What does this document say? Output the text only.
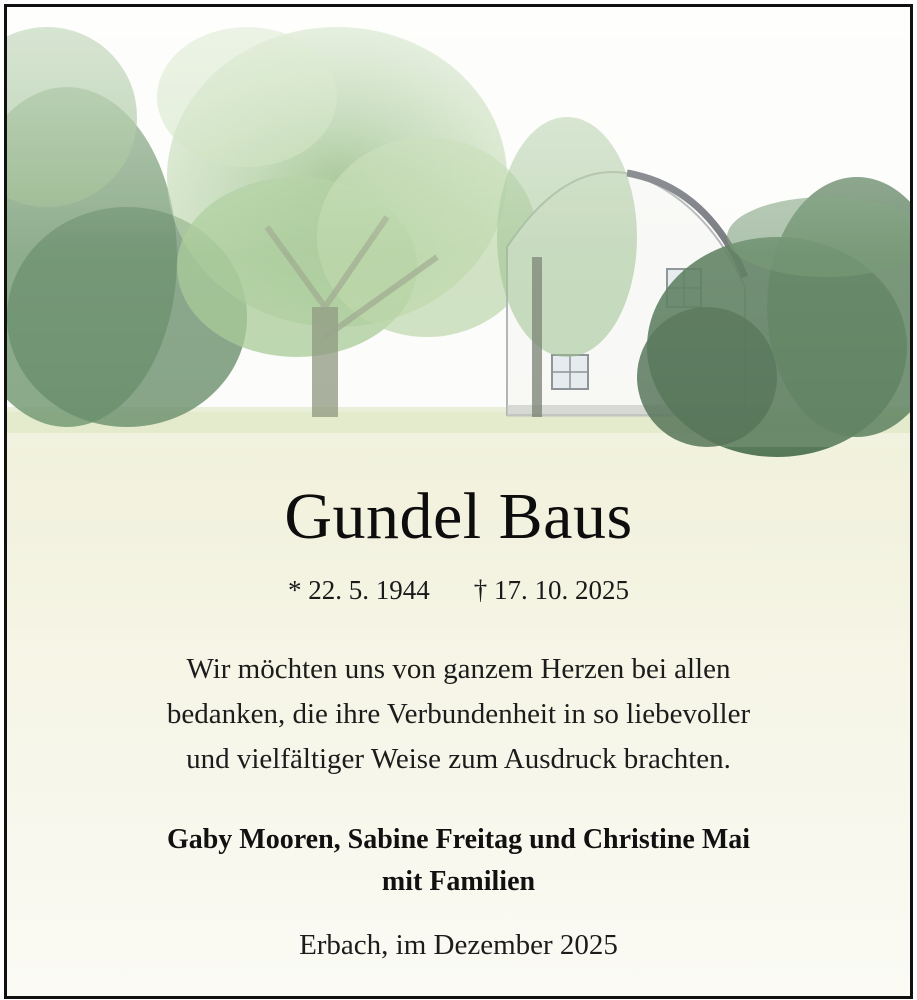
Gundel Baus
* 22. 5. 1944 † 17. 10. 2025
Wir möchten uns von ganzem Herzen bei allen
bedanken, die ihre Verbundenheit in so liebevoller
und vielfältiger Weise zum Ausdruck brachten.
Gaby Mooren, Sabine Freitag und Christine Mai
mit Familien
Erbach, im Dezember 2025
